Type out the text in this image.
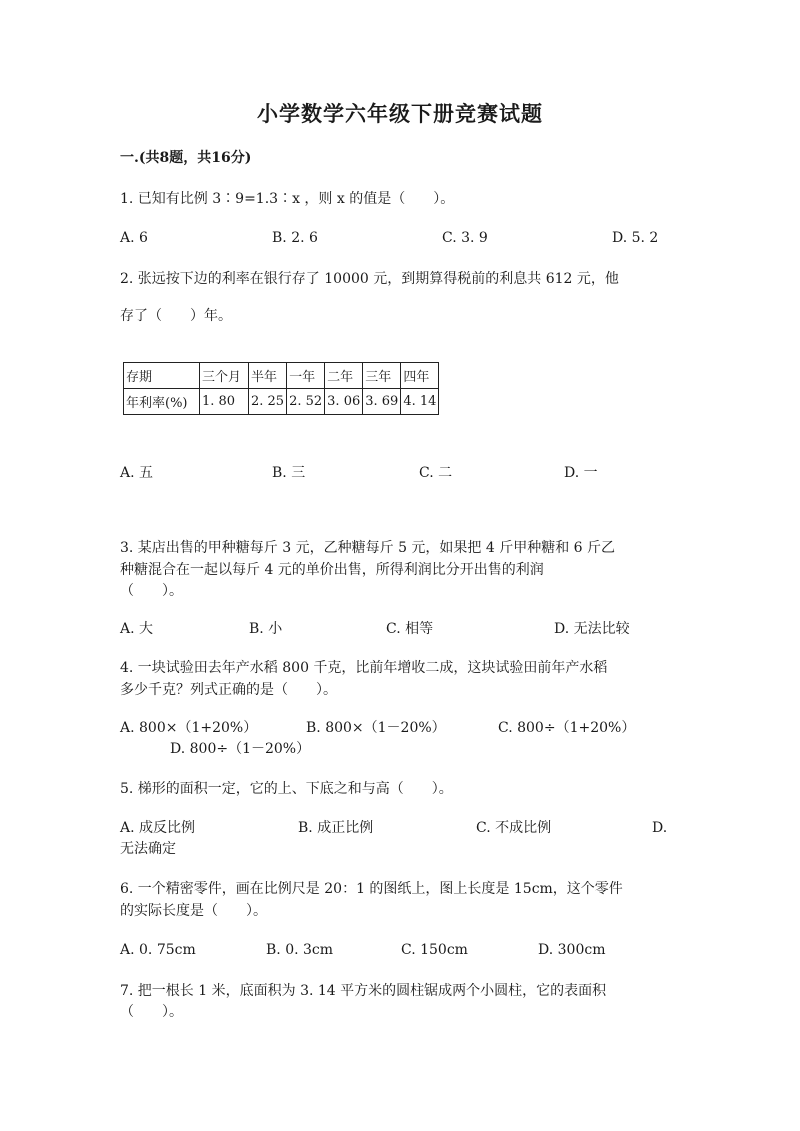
小学数学六年级下册竞赛试题
一.(共8题，共16分)
1. 已知有比例 3∶9=1.3∶x ，则 x 的值是（　　）。
A. 6	B. 2. 6	C. 3. 9	D. 5. 2
2. 张远按下边的利率在银行存了 10000 元，到期算得税前的利息共 612 元，他
存了（　　）年。
存期	三个月	半年	一年	二年	三年	四年
年利率(%)	1. 80	2. 25	2. 52	3. 06	3. 69	4. 14
A. 五	B. 三	C. 二	D. 一
3. 某店出售的甲种糖每斤 3 元，乙种糖每斤 5 元，如果把 4 斤甲种糖和 6 斤乙
种糖混合在一起以每斤 4 元的单价出售，所得利润比分开出售的利润
（　　）。
A. 大	B. 小	C. 相等	D. 无法比较
4. 一块试验田去年产水稻 800 千克，比前年增收二成，这块试验田前年产水稻
多少千克？列式正确的是（　　）。
A. 800×（1+20%）	B. 800×（1－20%）	C. 800÷（1+20%）
D. 800÷（1－20%）
5. 梯形的面积一定，它的上、下底之和与高（　　）。
A. 成反比例	B. 成正比例	C. 不成比例	D.
无法确定
6. 一个精密零件，画在比例尺是 20：1 的图纸上，图上长度是 15cm，这个零件
的实际长度是（　　）。
A. 0. 75cm	B. 0. 3cm	C. 150cm	D. 300cm
7. 把一根长 1 米，底面积为 3. 14 平方米的圆柱锯成两个小圆柱，它的表面积
（　　）。
